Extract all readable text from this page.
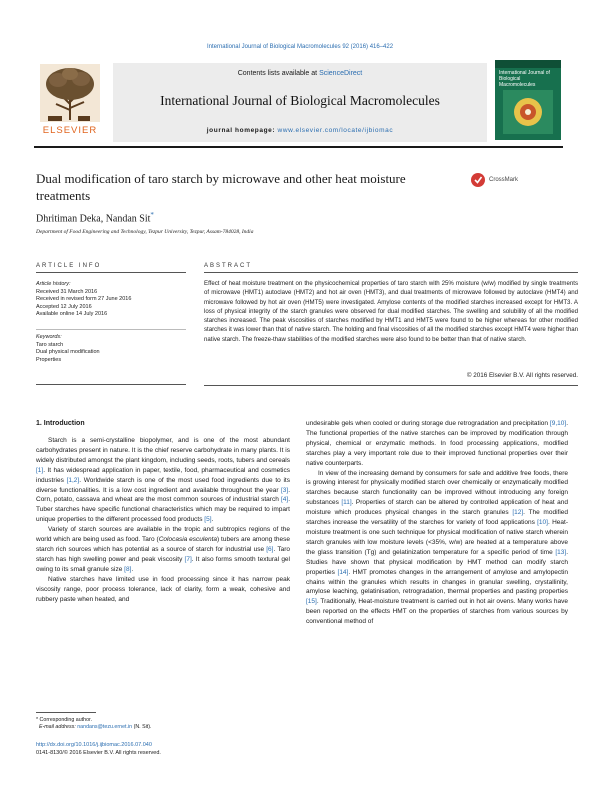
International Journal of Biological Macromolecules 92 (2016) 416–422
Contents lists available at ScienceDirect
International Journal of Biological Macromolecules
journal homepage: www.elsevier.com/locate/ijbiomac
ELSEVIER
International Journal of
Biological Macromolecules
Dual modification of taro starch by microwave and other heat moisture treatments
CrossMark
Dhritiman Deka, Nandan Sit*
Department of Food Engineering and Technology, Tezpur University, Tezpur, Assam-784028, India
ARTICLE INFO
Article history:
Received 31 March 2016
Received in revised form 27 June 2016
Accepted 12 July 2016
Available online 14 July 2016
Keywords:
Taro starch
Dual physical modification
Properties
ABSTRACT
Effect of heat moisture treatment on the physicochemical properties of taro starch with 25% moisture (w/w) modified by single treatments of microwave (HMT1) autoclave (HMT2) and hot air oven (HMT3), and dual treatments of microwave followed by autoclave (HMT4) and microwave followed by hot air oven (HMT5) were investigated. Amylose contents of the modified starches increased except for HMT3. A loss of physical integrity of the starch granules were observed for dual modified starches. The swelling and solubility of all the modified starches increased. The peak viscosities of starches modified by HMT1 and HMT5 were found to be higher whereas for other modified starches it was lower than that of native starch. The holding and final viscosities of all the modified starches except HMT4 were higher than native starch. The freeze-thaw stabilities of the modified starches were also found to be better than that of native starch.
© 2016 Elsevier B.V. All rights reserved.
1. Introduction

Starch is a semi-crystalline biopolymer, and is one of the most abundant carbohydrates present in nature. It is the chief reserve carbohydrate in many plants. It is widely distributed amongst the plant kingdom, including seeds, roots, tubers and cereals [1]. It has widespread application in paper, textile, food, pharmaceutical and cosmetics industries [1,2]. Worldwide starch is one of the most used food ingredients due to its diverse functionalities. It is a low cost ingredient and available throughout the year [3]. Corn, potato, cassava and wheat are the most common sources of industrial starch [4]. Tuber starches have specific functional characteristics which may be required to impart unique properties to the different processed food products [5].

Variety of starch sources are available in the tropic and subtropics regions of the world which are being used as food. Taro (Colocasia esculenta) tubers are among these starch rich sources which has potential as a source of starch for industrial use [6]. Taro starch has high swelling power and peak viscosity [7]. It also forms smooth textural gel owing to its small granule size [8].

Native starches have limited use in food processing since it has narrow peak viscosity range, poor process tolerance, lack of clarity, form a weak, cohesive and rubbery paste when heated, and

undesirable gels when cooled or during storage due retrogradation and precipitation [9,10]. The functional properties of the native starches can be improved by modification through physical, chemical or enzymatic methods. In food processing applications, modified starches play a very important role due to their improved functional properties over their native counterparts.

In view of the increasing demand by consumers for safe and additive free foods, there is growing interest for physically modified starch over chemically or enzymatically modified starches because starch functionality can be improved without introducing any foreign substances [11]. Properties of starch can be altered by controlled application of heat and moisture which produces physical changes in the starch granules [12]. The modified starches increase the versatility of the starches for variety of food applications [10]. Heat-moisture treatment is one such technique for physical modification of native starch wherein starch granules with low moisture levels (<35%, w/w) are heated at a temperature above the glass transition (Tg) and gelatinization temperature for a specific period of time [13]. Studies have shown that physical modification by HMT method can modify starch properties [14]. HMT promotes changes in the arrangement of amylose and amylopectin chains within the granules which results in changes in granular swelling, crystallinity, amylose leaching, gelatinisation, retrogradation, thermal properties and pasting properties [15]. Traditionally, Heat-moisture treatment is carried out in hot air ovens. Many works have been reported on the effects HMT on the properties of starches from various sources by conventional method of

* Corresponding author.
E-mail address: nandans@tezu.ernet.in (N. Sit).
http://dx.doi.org/10.1016/j.ijbiomac.2016.07.040
0141-8130/© 2016 Elsevier B.V. All rights reserved.
